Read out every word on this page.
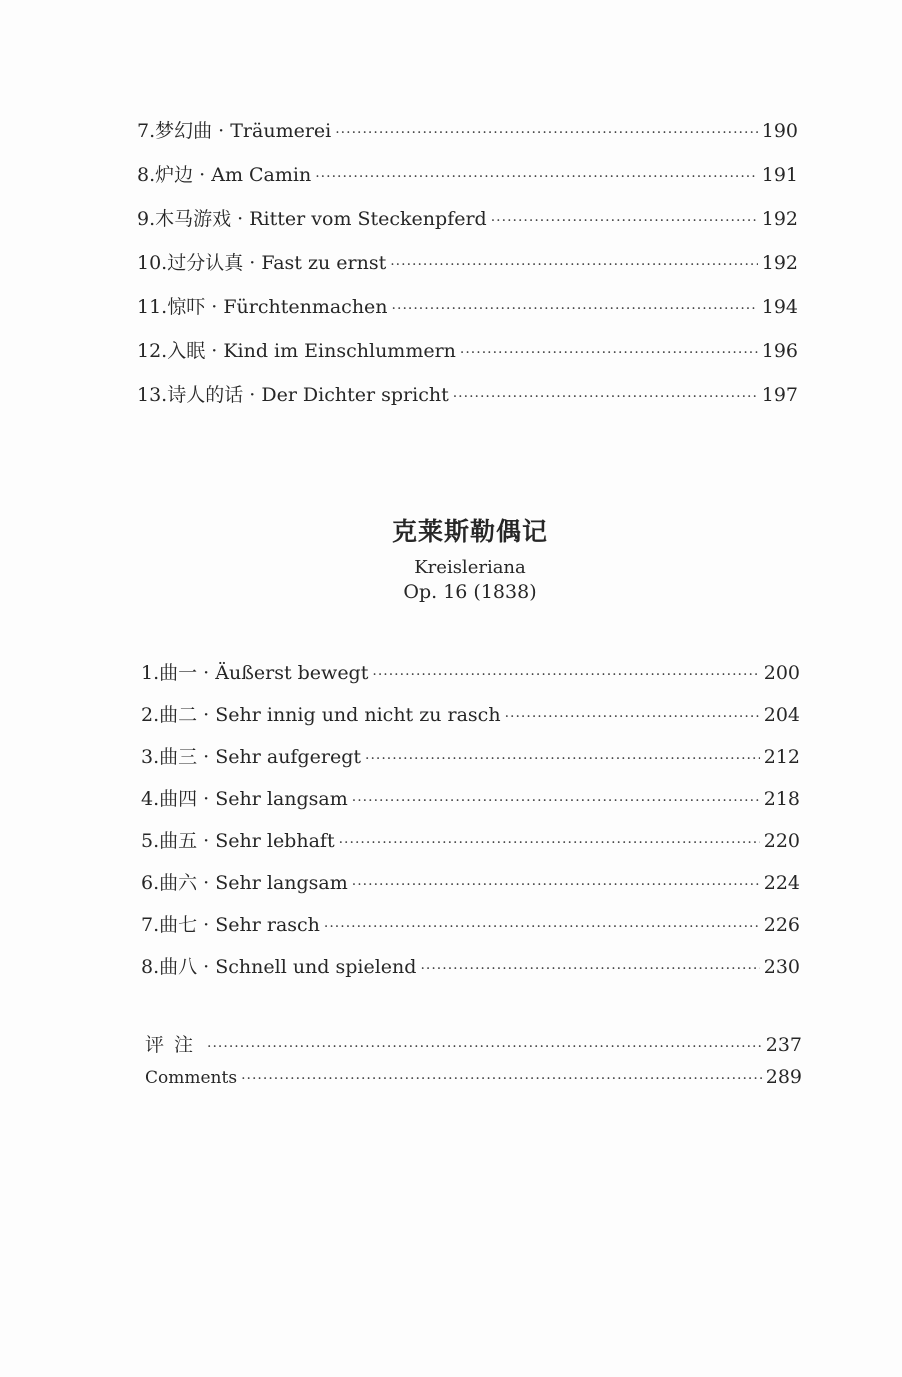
7.梦幻曲 · Träumerei ·····	190
8.炉边 · Am Camin ·····	191
9.木马游戏 · Ritter vom Steckenpferd ·····	192
10.过分认真 · Fast zu ernst ·····	192
11.惊吓 · Fürchtenmachen ·····	194
12.入眠 · Kind im Einschlummern ·····	196
13.诗人的话 · Der Dichter spricht ·····	197
克莱斯勒偶记
Kreisleriana
Op. 16 (1838)
1.曲一 · Äußerst bewegt ·····	200
2.曲二 · Sehr innig und nicht zu rasch ·····	204
3.曲三 · Sehr aufgeregt ·····	212
4.曲四 · Sehr langsam ·····	218
5.曲五 · Sehr lebhaft ·····	220
6.曲六 · Sehr langsam ·····	224
7.曲七 · Sehr rasch ·····	226
8.曲八 · Schnell und spielend ·····	230
评注 ·····	237
Comments ·····	289
